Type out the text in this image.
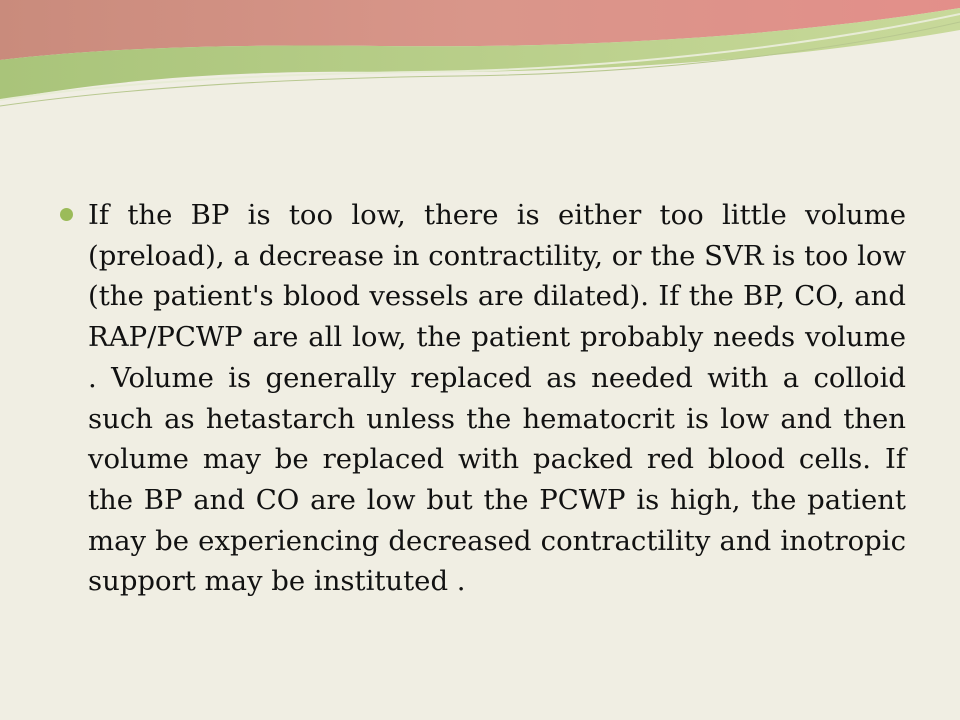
If the BP is too low, there is either too little volume (preload), a decrease in contractility, or the SVR is too low (the patient's blood vessels are dilated). If the BP, CO, and RAP/PCWP are all low, the patient probably needs volume . Volume is generally replaced as needed with a colloid such as hetastarch unless the hematocrit is low and then volume may be replaced with packed red blood cells. If the BP and CO are low but the PCWP is high, the patient may be experiencing decreased contractility and inotropic support may be instituted .
